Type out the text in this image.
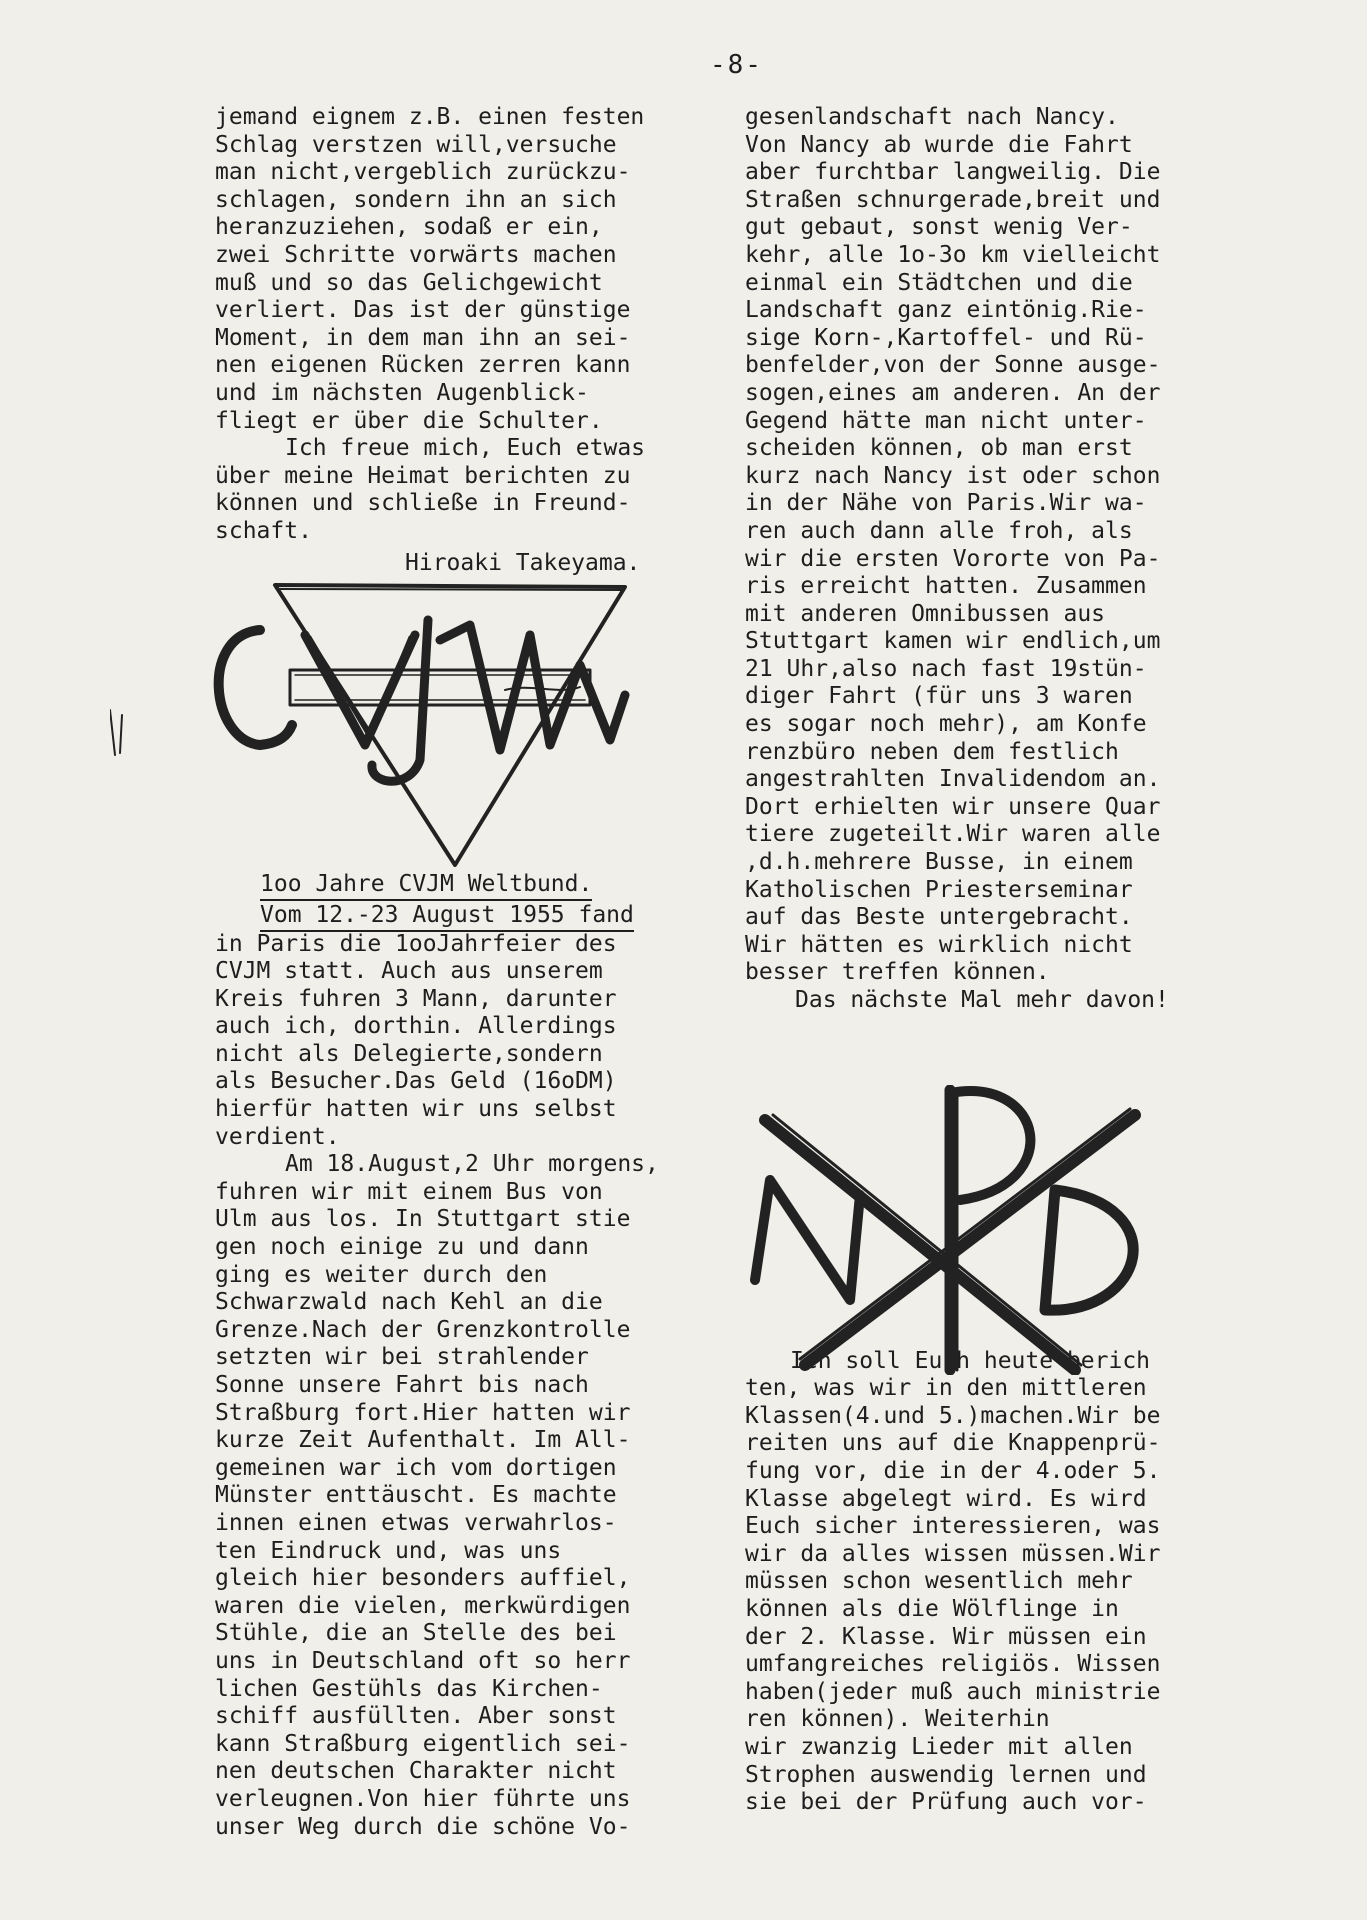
-8-
jemand eignem z.B. einen festen
Schlag verstzen will,versuche
man nicht,vergeblich zurückzu-
schlagen, sondern ihn an sich
heranzuziehen, sodaß er ein,
zwei Schritte vorwärts machen
muß und so das Gelichgewicht
verliert. Das ist der günstige
Moment, in dem man ihn an sei-
nen eigenen Rücken zerren kann
und im nächsten Augenblick-
fliegt er über die Schulter.
Ich freue mich, Euch etwas
über meine Heimat berichten zu
können und schließe in Freund-
schaft.
Hiroaki Takeyama.
1oo Jahre CVJM Weltbund.
Vom 12.-23 August 1955 fand
in Paris die 1ooJahrfeier des
CVJM statt. Auch aus unserem
Kreis fuhren 3 Mann, darunter
auch ich, dorthin. Allerdings
nicht als Delegierte,sondern
als Besucher.Das Geld (16oDM)
hierfür hatten wir uns selbst
verdient.
Am 18.August,2 Uhr morgens,
fuhren wir mit einem Bus von
Ulm aus los. In Stuttgart stie
gen noch einige zu und dann
ging es weiter durch den
Schwarzwald nach Kehl an die
Grenze.Nach der Grenzkontrolle
setzten wir bei strahlender
Sonne unsere Fahrt bis nach
Straßburg fort.Hier hatten wir
kurze Zeit Aufenthalt. Im All-
gemeinen war ich vom dortigen
Münster enttäuscht. Es machte
innen einen etwas verwahrlos-
ten Eindruck und, was uns
gleich hier besonders auffiel,
waren die vielen, merkwürdigen
Stühle, die an Stelle des bei
uns in Deutschland oft so herr
lichen Gestühls das Kirchen-
schiff ausfüllten. Aber sonst
kann Straßburg eigentlich sei-
nen deutschen Charakter nicht
verleugnen.Von hier führte uns
unser Weg durch die schöne Vo-
gesenlandschaft nach Nancy.
Von Nancy ab wurde die Fahrt
aber furchtbar langweilig. Die
Straßen schnurgerade,breit und
gut gebaut, sonst wenig Ver-
kehr, alle 1o-3o km vielleicht
einmal ein Städtchen und die
Landschaft ganz eintönig.Rie-
sige Korn-,Kartoffel- und Rü-
benfelder,von der Sonne ausge-
sogen,eines am anderen. An der
Gegend hätte man nicht unter-
scheiden können, ob man erst
kurz nach Nancy ist oder schon
in der Nähe von Paris.Wir wa-
ren auch dann alle froh, als
wir die ersten Vororte von Pa-
ris erreicht hatten. Zusammen
mit anderen Omnibussen aus
Stuttgart kamen wir endlich,um
21 Uhr,also nach fast 19stün-
diger Fahrt (für uns 3 waren
es sogar noch mehr), am Konfe
renzbüro neben dem festlich
angestrahlten Invalidendom an.
Dort erhielten wir unsere Quar
tiere zugeteilt.Wir waren alle
,d.h.mehrere Busse, in einem
Katholischen Priesterseminar
auf das Beste untergebracht.
Wir hätten es wirklich nicht
besser treffen können.
Das nächste Mal mehr davon!
Ich soll Euch heute berich
ten, was wir in den mittleren
Klassen(4.und 5.)machen.Wir be
reiten uns auf die Knappenprü-
fung vor, die in der 4.oder 5.
Klasse abgelegt wird. Es wird
Euch sicher interessieren, was
wir da alles wissen müssen.Wir
müssen schon wesentlich mehr
können als die Wölflinge in
der 2. Klasse. Wir müssen ein
umfangreiches religiös. Wissen
haben(jeder muß auch ministrie
ren können). Weiterhin
wir zwanzig Lieder mit allen
Strophen auswendig lernen und
sie bei der Prüfung auch vor-
